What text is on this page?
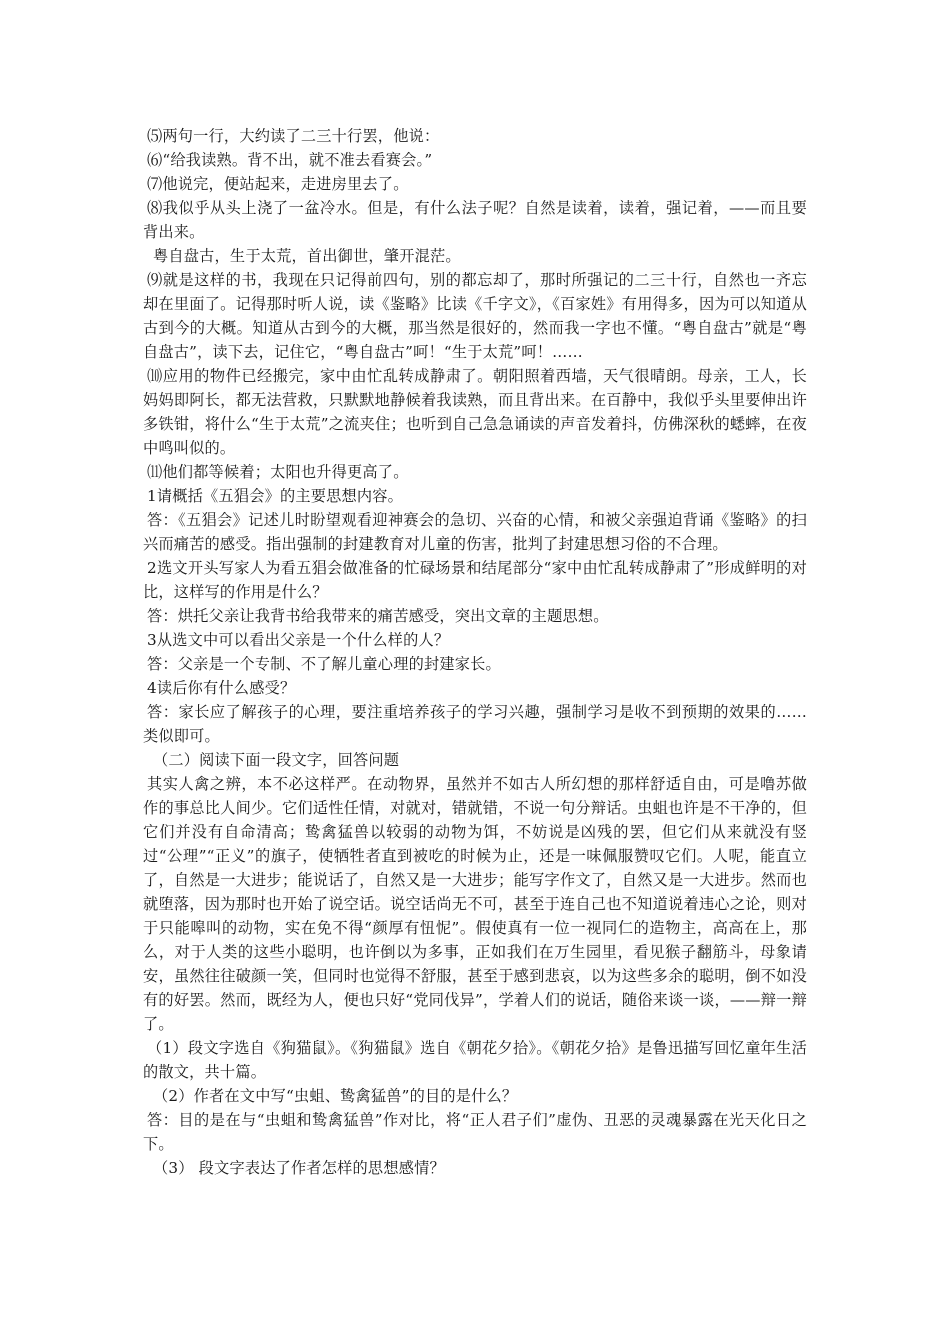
⑸两句一行，大约读了二三十行罢，他说：

⑹“给我读熟。背不出，就不准去看赛会。”

⑺他说完，便站起来，走进房里去了。

⑻我似乎从头上浇了一盆冷水。但是，有什么法子呢？自然是读着，读着，强记着，——而且要背出来。

粤自盘古，生于太荒，首出御世，肇开混茫。

⑼就是这样的书，我现在只记得前四句，别的都忘却了，那时所强记的二三十行，自然也一齐忘却在里面了。记得那时听人说，读《鉴略》比读《千字文》，《百家姓》有用得多，因为可以知道从古到今的大概。知道从古到今的大概，那当然是很好的，然而我一字也不懂。“粤自盘古”就是“粤自盘古”，读下去，记住它，“粤自盘古”呵！“生于太荒”呵！……

⑽应用的物件已经搬完，家中由忙乱转成静肃了。朝阳照着西墙，天气很晴朗。母亲，工人，长妈妈即阿长，都无法营救，只默默地静候着我读熟，而且背出来。在百静中，我似乎头里要伸出许多铁钳，将什么“生于太荒”之流夹住；也听到自己急急诵读的声音发着抖，仿佛深秋的蟋蟀，在夜中鸣叫似的。

⑾他们都等候着；太阳也升得更高了。

1请概括《五猖会》的主要思想内容。

答：《五猖会》记述儿时盼望观看迎神赛会的急切、兴奋的心情，和被父亲强迫背诵《鉴略》的扫兴而痛苦的感受。指出强制的封建教育对儿童的伤害，批判了封建思想习俗的不合理。

2选文开头写家人为看五猖会做准备的忙碌场景和结尾部分“家中由忙乱转成静肃了”形成鲜明的对比，这样写的作用是什么？

答：烘托父亲让我背书给我带来的痛苦感受，突出文章的主题思想。

3从选文中可以看出父亲是一个什么样的人？

答：父亲是一个专制、不了解儿童心理的封建家长。

4读后你有什么感受？

答：家长应了解孩子的心理，要注重培养孩子的学习兴趣，强制学习是收不到预期的效果的……类似即可。

（二）阅读下面一段文字，回答问题

其实人禽之辨，本不必这样严。在动物界，虽然并不如古人所幻想的那样舒适自由，可是噜苏做作的事总比人间少。它们适性任情，对就对，错就错，不说一句分辩话。虫蛆也许是不干净的，但它们并没有自命清高；鸷禽猛兽以较弱的动物为饵，不妨说是凶残的罢，但它们从来就没有竖过“公理”“正义”的旗子，使牺牲者直到被吃的时候为止，还是一味佩服赞叹它们。人呢，能直立了，自然是一大进步；能说话了，自然又是一大进步；能写字作文了，自然又是一大进步。然而也就堕落，因为那时也开始了说空话。说空话尚无不可，甚至于连自己也不知道说着违心之论，则对于只能嗥叫的动物，实在免不得“颜厚有忸怩”。假使真有一位一视同仁的造物主，高高在上，那么，对于人类的这些小聪明，也许倒以为多事，正如我们在万生园里，看见猴子翻筋斗，母象请安，虽然往往破颜一笑，但同时也觉得不舒服，甚至于感到悲哀，以为这些多余的聪明，倒不如没有的好罢。然而，既经为人，便也只好“党同伐异”，学着人们的说话，随俗来谈一谈，——辩一辩了。

（1）段文字选自《狗猫鼠》。《狗猫鼠》选自《朝花夕拾》。《朝花夕拾》是鲁迅描写回忆童年生活的散文，共十篇。

（2）作者在文中写“虫蛆、鸷禽猛兽”的目的是什么？

答：目的是在与“虫蛆和鸷禽猛兽”作对比，将“正人君子们”虚伪、丑恶的灵魂暴露在光天化日之下。

（3） 段文字表达了作者怎样的思想感情？
